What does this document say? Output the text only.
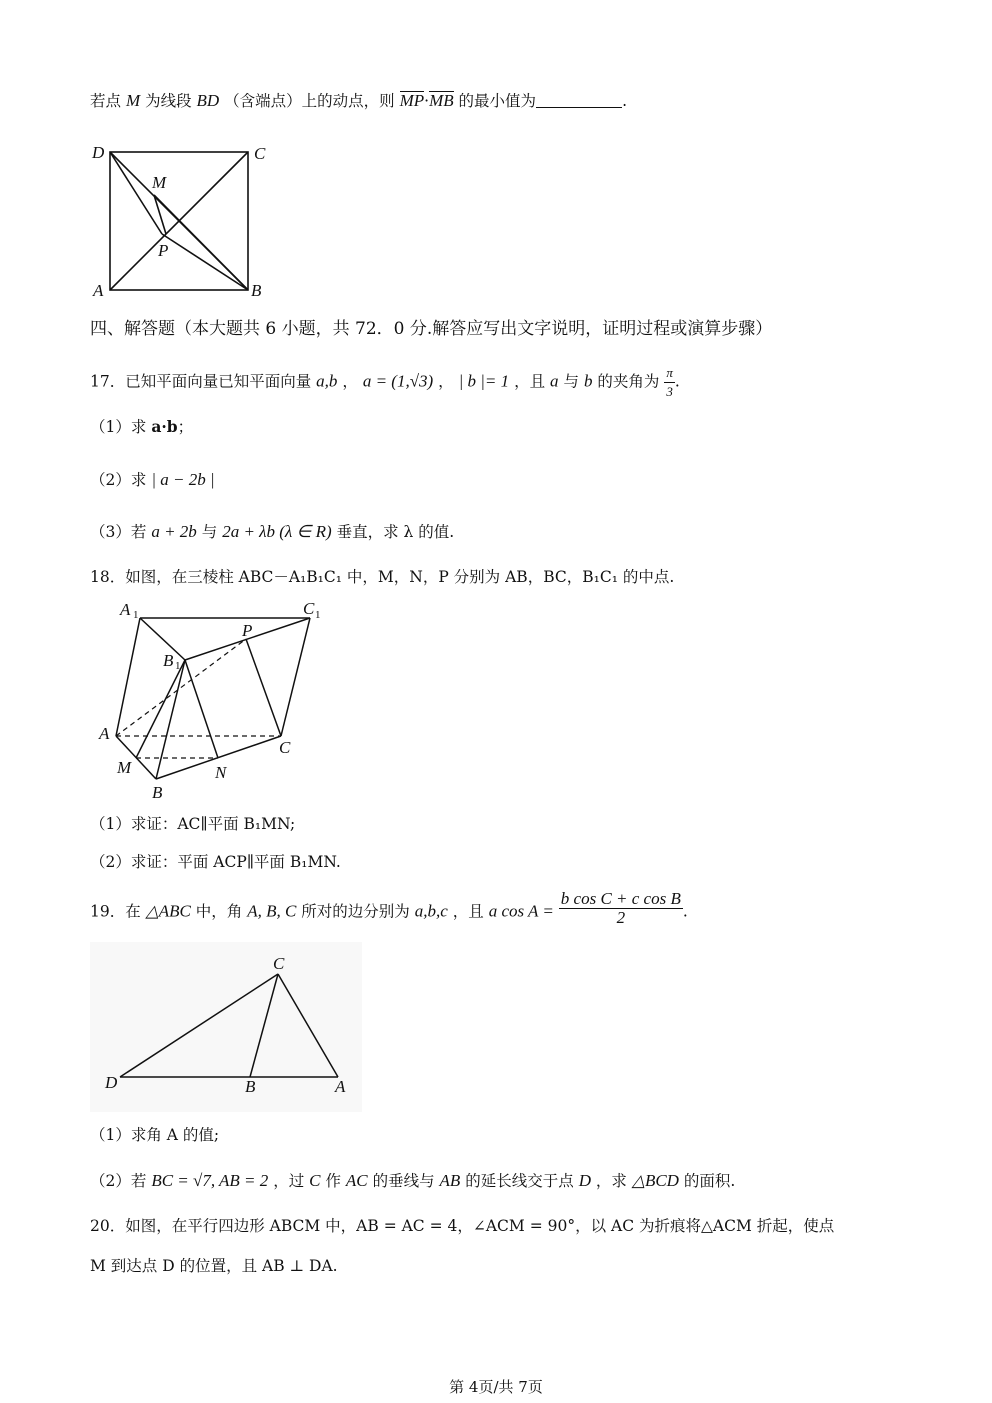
若点 M 为线段 BD （含端点）上的动点，则 MP·MB 的最小值为	.
D	C
M
P
A	B
四、解答题（本大题共 6 小题，共 72．0 分.解答应写出文字说明，证明过程或演算步骤）
17．已知平面向量已知平面向量 a,b ， a = (1,√3) ， | b |= 1 ，且 a 与 b 的夹角为 $\frac{\pi}{3}$ .
（1）求 a·b；
（2）求 | a − 2b |
（3）若 a + 2b 与 2a + λb (λ ∈ R) 垂直，求 λ 的值.
18．如图，在三棱柱 ABC－A₁B₁C₁ 中，M，N，P 分别为 AB，BC，B₁C₁ 的中点.
A 1	C 1
P
B 1
A
C
M	N
B
（1）求证：AC∥平面 B₁MN;
（2）求证：平面 ACP∥平面 B₁MN.
19．在 △ABC 中，角 A, B, C 所对的边分别为 a,b,c ，且 a $\cos A = \frac{\text{b cos C + c cos B}}{2}$ .
C
D	B	A
（1）求角 A 的值;
（2）若 BC = √7, AB = 2 ，过 C 作 AC 的垂线与 AB 的延长线交于点 D ，求 △BCD 的面积.
20．如图，在平行四边形 ABCM 中，AB = AC = 4，∠ACM = 90°，以 AC 为折痕将△ACM 折起，使点
M 到达点 D 的位置，且 AB ⊥ DA.
第 4页/共 7页
